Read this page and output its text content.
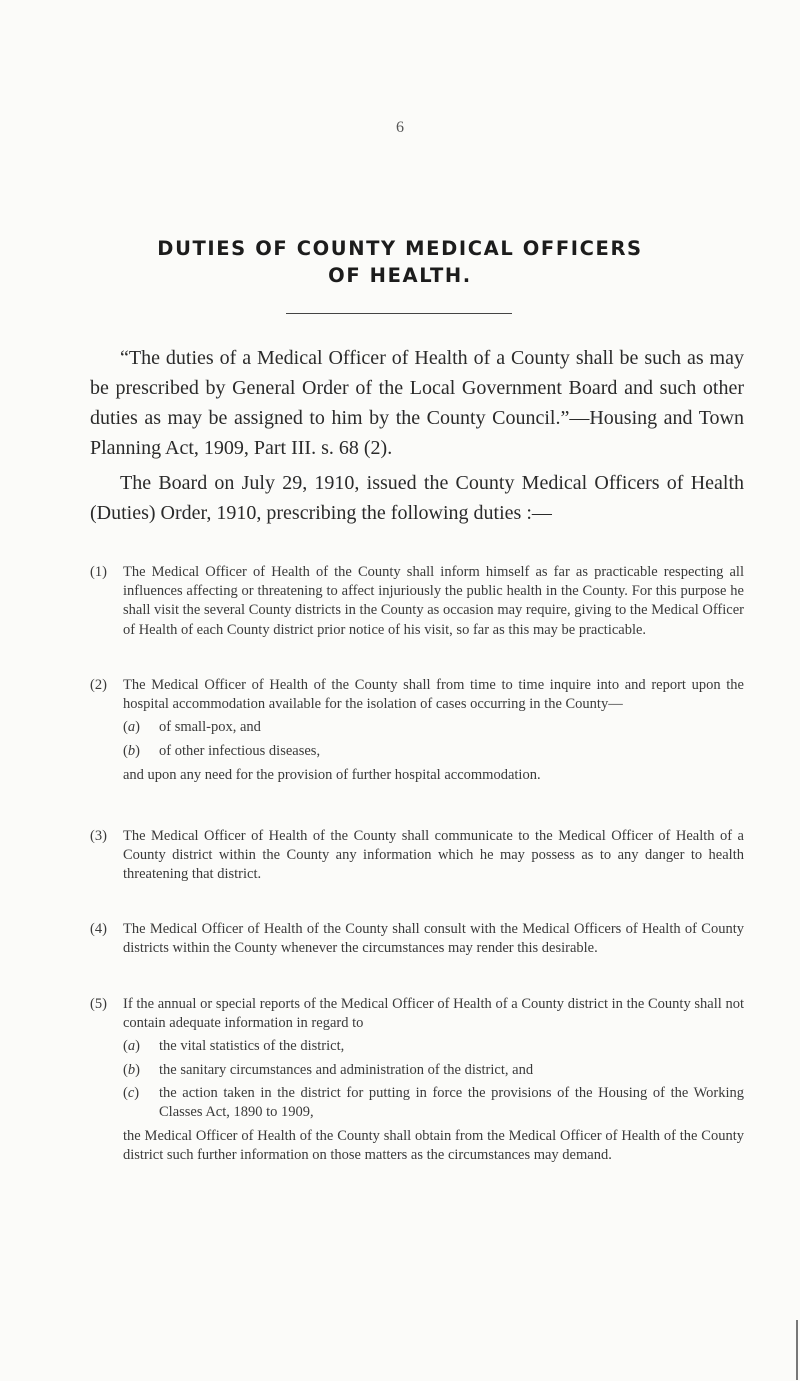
6
DUTIES OF COUNTY MEDICAL OFFICERS
OF HEALTH.

“The duties of a Medical Officer of Health of a County shall be such as may be prescribed by General Order of the Local Government Board and such other duties as may be assigned to him by the County Council.”—Housing and Town Planning Act, 1909, Part III. s. 68 (2).

The Board on July 29, 1910, issued the County Medical Officers of Health (Duties) Order, 1910, prescribing the following duties :—

(1)	The Medical Officer of Health of the County shall inform himself as far as practicable respecting all influences affecting or threatening to affect injuriously the public health in the County. For this purpose he shall visit the several County districts in the County as occasion may require, giving to the Medical Officer of Health of each County district prior notice of his visit, so far as this may be practicable.
(2)	The Medical Officer of Health of the County shall from time to time inquire into and report upon the hospital accommodation available for the isolation of cases occurring in the County—
(a) of small-pox, and
(b) of other infectious diseases,
and upon any need for the provision of further hospital accommodation.
(3)	The Medical Officer of Health of the County shall communicate to the Medical Officer of Health of a County district within the County any information which he may possess as to any danger to health threatening that district.
(4)	The Medical Officer of Health of the County shall consult with the Medical Officers of Health of County districts within the County whenever the circumstances may render this desirable.
(5)	If the annual or special reports of the Medical Officer of Health of a County district in the County shall not contain adequate information in regard to
(a) the vital statistics of the district,
(b) the sanitary circumstances and administration of the district, and
(c) the action taken in the district for putting in force the provisions of the Housing of the Working Classes Act, 1890 to 1909,
the Medical Officer of Health of the County shall obtain from the Medical Officer of Health of the County district such further information on those matters as the circumstances may demand.
